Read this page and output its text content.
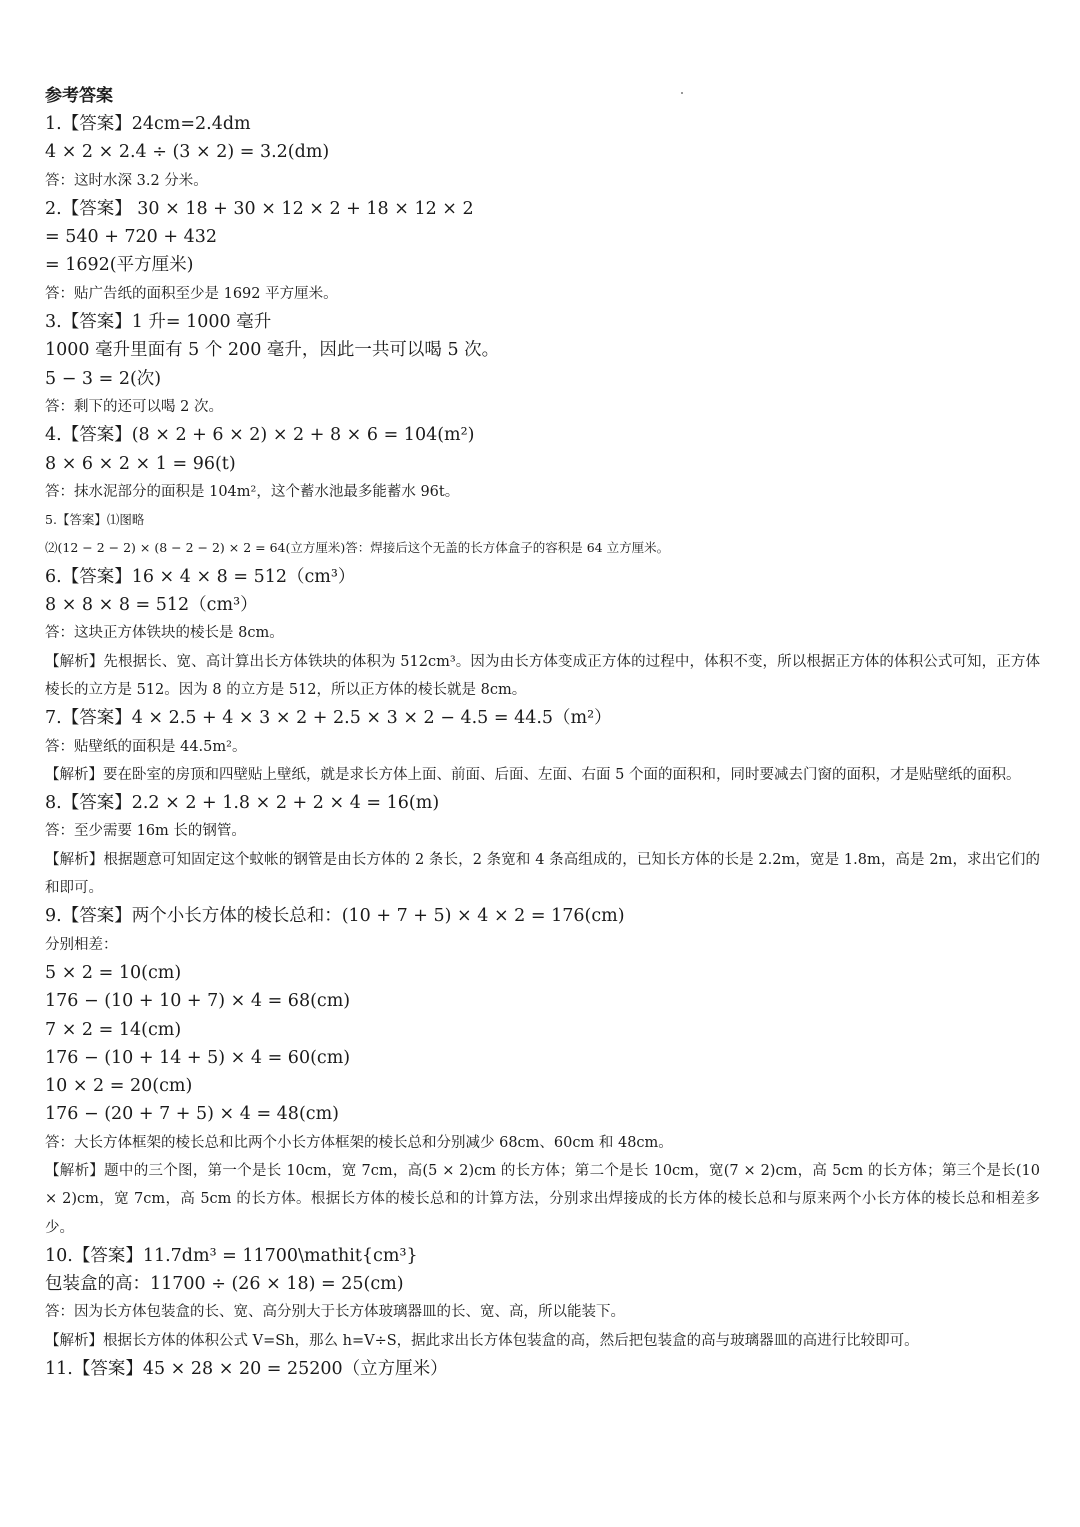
参考答案
1.【答案】24cm=2.4dm
4 × 2 × 2.4 ÷ (3 × 2) = 3.2(dm)
答：这时水深 3.2 分米。
2.【答案】 30 × 18 + 30 × 12 × 2 + 18 × 12 × 2
= 540 + 720 + 432
= 1692(平方厘米)
答：贴广告纸的面积至少是 1692 平方厘米。
3.【答案】1 升= 1000 毫升
1000 毫升里面有 5 个 200 毫升，因此一共可以喝 5 次。
5 − 3 = 2(次)
答：剩下的还可以喝 2 次。
4.【答案】(8 × 2 + 6 × 2) × 2 + 8 × 6 = 104(m²)
8 × 6 × 2 × 1 = 96(t)
答：抹水泥部分的面积是 104m²，这个蓄水池最多能蓄水 96t。
5.【答案】⑴图略
⑵(12 − 2 − 2) × (8 − 2 − 2) × 2 = 64(立方厘米)答：焊接后这个无盖的长方体盒子的容积是 64 立方厘米。
6.【答案】16 × 4 × 8 = 512（cm³）
8 × 8 × 8 = 512（cm³）
答：这块正方体铁块的棱长是 8cm。
【解析】先根据长、宽、高计算出长方体铁块的体积为 512cm³。因为由长方体变成正方体的过程中，体积不变，所以根据正方体的体积公式可知，正方体棱长的立方是 512。因为 8 的立方是 512，所以正方体的棱长就是 8cm。
7.【答案】4 × 2.5 + 4 × 3 × 2 + 2.5 × 3 × 2 − 4.5 = 44.5（m²）
答：贴壁纸的面积是 44.5m²。
【解析】要在卧室的房顶和四壁贴上壁纸，就是求长方体上面、前面、后面、左面、右面 5 个面的面积和，同时要减去门窗的面积，才是贴壁纸的面积。
8.【答案】2.2 × 2 + 1.8 × 2 + 2 × 4 = 16(m)
答：至少需要 16m 长的钢管。
【解析】根据题意可知固定这个蚊帐的钢管是由长方体的 2 条长，2 条宽和 4 条高组成的，已知长方体的长是 2.2m，宽是 1.8m，高是 2m，求出它们的和即可。
9.【答案】两个小长方体的棱长总和：(10 + 7 + 5) × 4 × 2 = 176(cm)
分别相差：
5 × 2 = 10(cm)
176 − (10 + 10 + 7) × 4 = 68(cm)
7 × 2 = 14(cm)
176 − (10 + 14 + 5) × 4 = 60(cm)
10 × 2 = 20(cm)
176 − (20 + 7 + 5) × 4 = 48(cm)
答：大长方体框架的棱长总和比两个小长方体框架的棱长总和分别减少 68cm、60cm 和 48cm。
【解析】题中的三个图，第一个是长 10cm，宽 7cm，高(5 × 2)cm 的长方体；第二个是长 10cm，宽(7 × 2)cm，高 5cm 的长方体；第三个是长(10 × 2)cm，宽 7cm，高 5cm 的长方体。根据长方体的棱长总和的计算方法，分别求出焊接成的长方体的棱长总和与原来两个小长方体的棱长总和相差多少。
10.【答案】11.7dm³ = 11700\mathit{cm³}
包装盒的高：11700 ÷ (26 × 18) = 25(cm)
答：因为长方体包装盒的长、宽、高分别大于长方体玻璃器皿的长、宽、高，所以能装下。
【解析】根据长方体的体积公式 V=Sh，那么 h=V÷S，据此求出长方体包装盒的高，然后把包装盒的高与玻璃器皿的高进行比较即可。
11.【答案】45 × 28 × 20 = 25200（立方厘米）
